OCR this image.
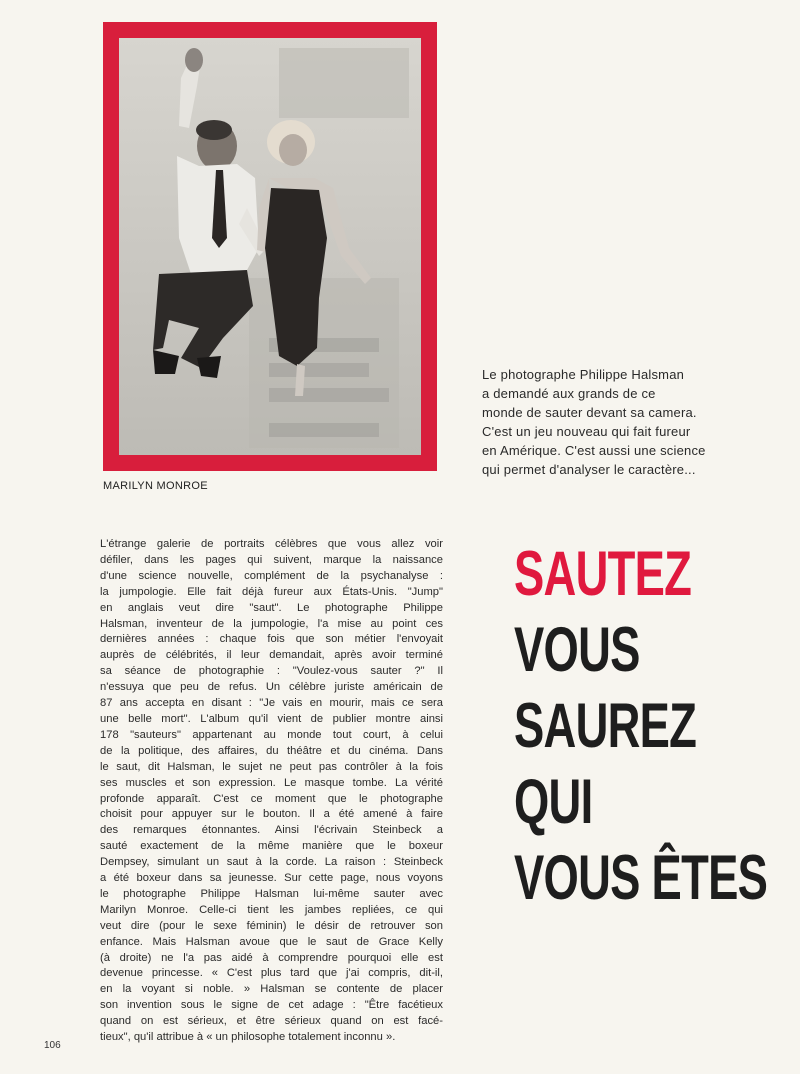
MARILYN MONROE
Le photographe Philippe Halsman
a demandé aux grands de ce
monde de sauter devant sa camera.
C'est un jeu nouveau qui fait fureur
en Amérique. C'est aussi une science
qui permet d'analyser le caractère...
L'étrange galerie de portraits célèbres que vous allez voir
défiler, dans les pages qui suivent, marque la naissance
d'une science nouvelle, complément de la psychanalyse :
la jumpologie. Elle fait déjà fureur aux États-Unis. "Jump"
en anglais veut dire "saut". Le photographe Philippe
Halsman, inventeur de la jumpologie, l'a mise au point ces
dernières années : chaque fois que son métier l'envoyait
auprès de célébrités, il leur demandait, après avoir terminé
sa séance de photographie : "Voulez-vous sauter ?" Il
n'essuya que peu de refus. Un célèbre juriste américain de
87 ans accepta en disant : "Je vais en mourir, mais ce sera
une belle mort". L'album qu'il vient de publier montre ainsi
178 "sauteurs" appartenant au monde tout court, à celui
de la politique, des affaires, du théâtre et du cinéma. Dans
le saut, dit Halsman, le sujet ne peut pas contrôler à la fois
ses muscles et son expression. Le masque tombe. La vérité
profonde apparaît. C'est ce moment que le photographe
choisit pour appuyer sur le bouton. Il a été amené à faire
des remarques étonnantes. Ainsi l'écrivain Steinbeck a
sauté exactement de la même manière que le boxeur
Dempsey, simulant un saut à la corde. La raison : Steinbeck
a été boxeur dans sa jeunesse. Sur cette page, nous voyons
le photographe Philippe Halsman lui-même sauter avec
Marilyn Monroe. Celle-ci tient les jambes repliées, ce qui
veut dire (pour le sexe féminin) le désir de retrouver son
enfance. Mais Halsman avoue que le saut de Grace Kelly
(à droite) ne l'a pas aidé à comprendre pourquoi elle est
devenue princesse. « C'est plus tard que j'ai compris, dit-il,
en la voyant si noble. » Halsman se contente de placer
son invention sous le signe de cet adage : "Être facétieux
quand on est sérieux, et être sérieux quand on est facé-
tieux", qu'il attribue à « un philosophe totalement inconnu ».
SAUTEZ
VOUS
SAUREZ
QUI
VOUS ÊTES
106
